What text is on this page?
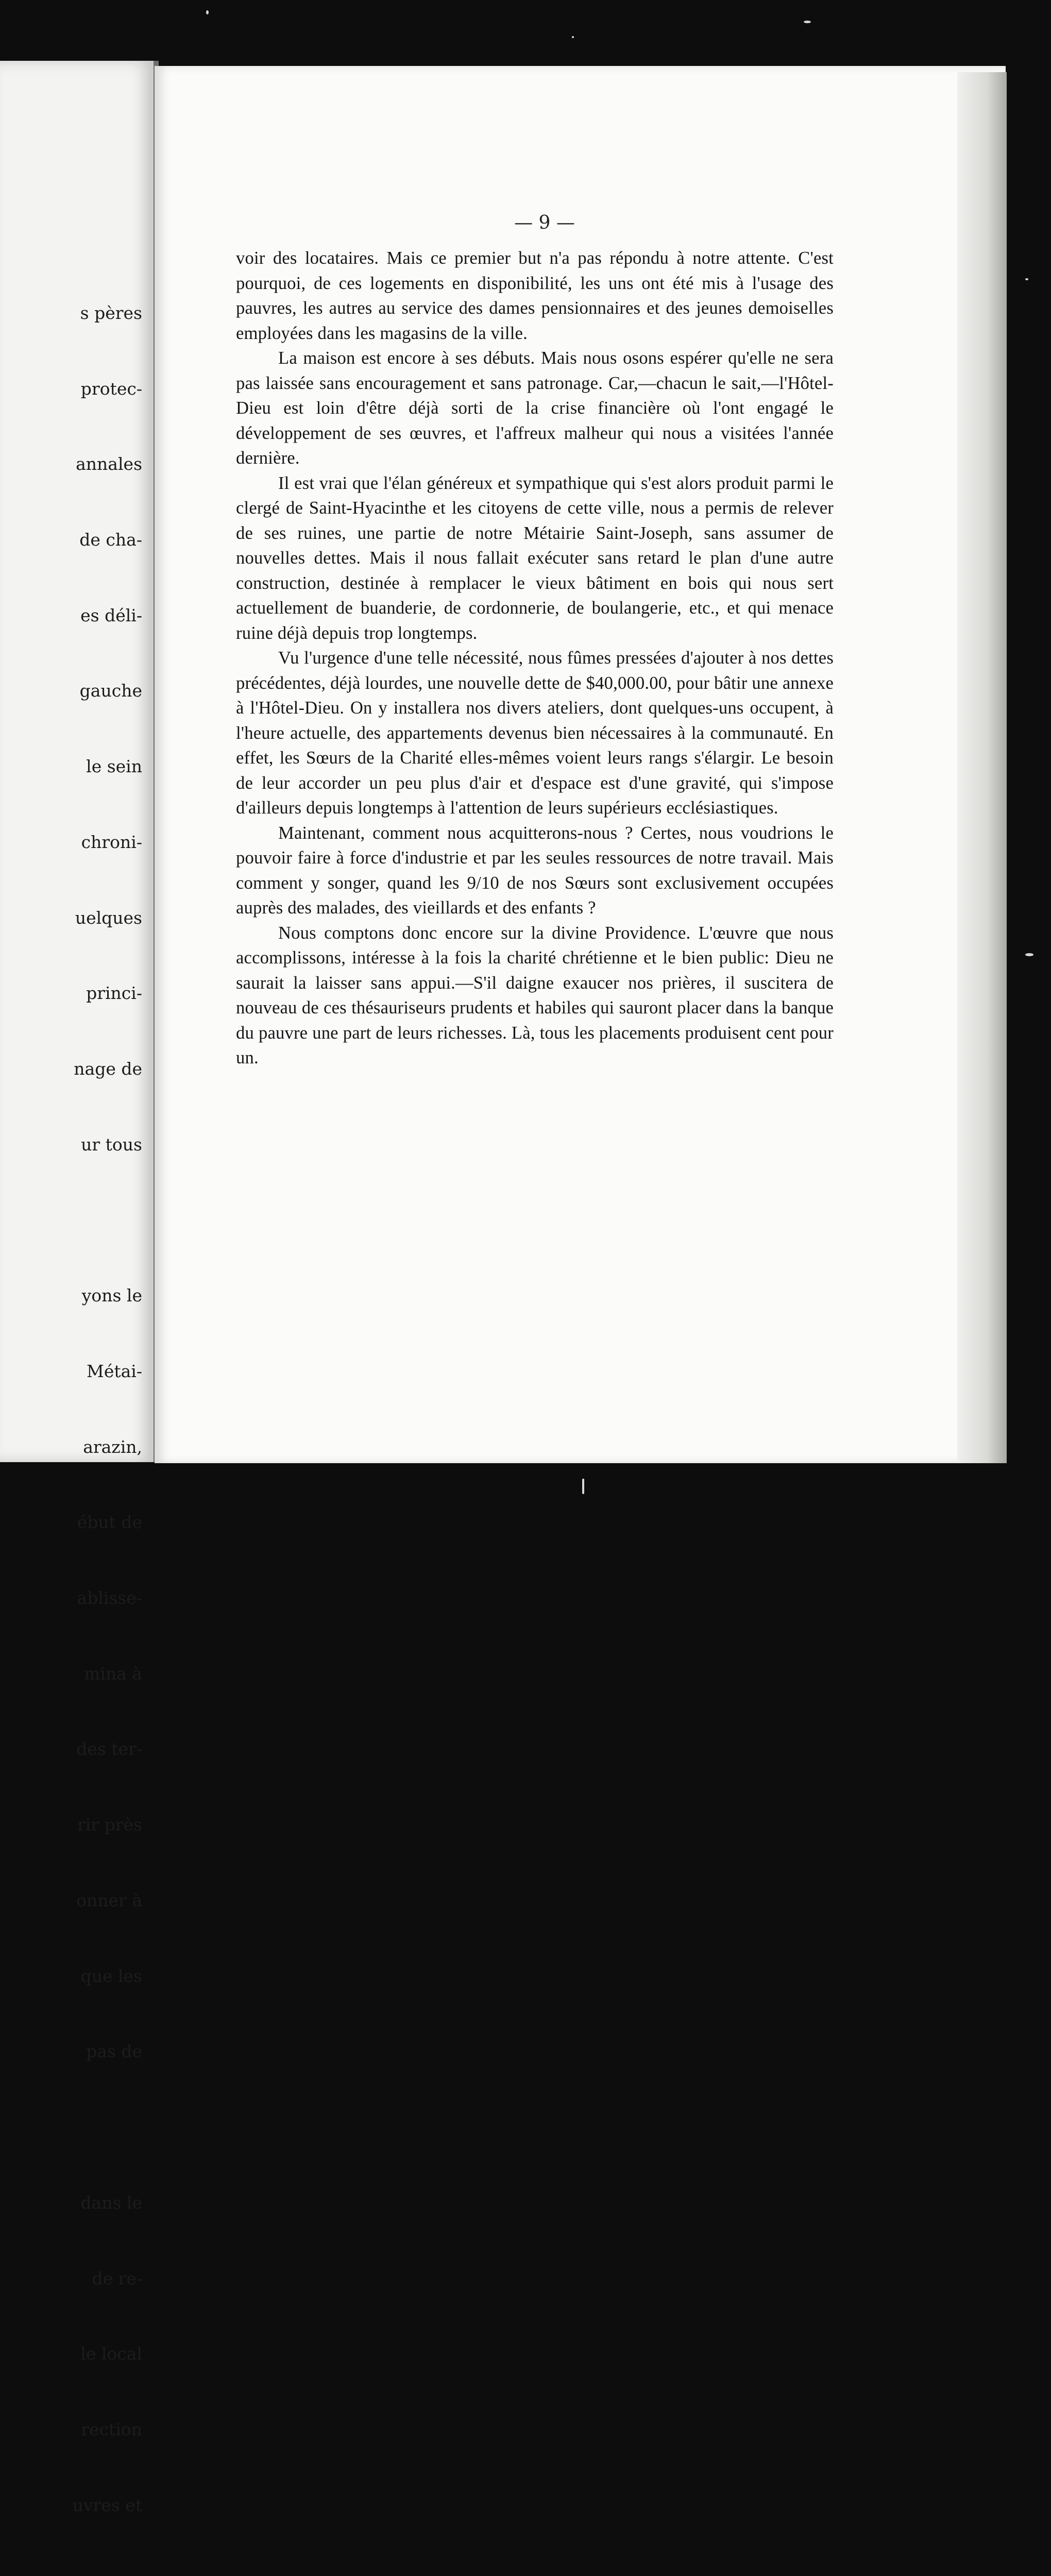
s pères

protec-

annales

de cha-

es déli-

gauche

le sein

chroni-

uelques

princi-

nage de

ur tous

yons le

Métai-

arazin,

ébut de

ablisse-

mina à

des ter-

rir près

onner à

que les

pas de

dans le

de re-

le local

rection

uvres et

— 9 —

voir des locataires. Mais ce premier but n'a pas répondu à notre attente. C'est pourquoi, de ces logements en disponibilité, les uns ont été mis à l'usage des pauvres, les autres au service des dames pensionnaires et des jeunes demoiselles employées dans les magasins de la ville.

La maison est encore à ses débuts. Mais nous osons espérer qu'elle ne sera pas laissée sans encouragement et sans patronage. Car,—chacun le sait,—l'Hôtel-Dieu est loin d'être déjà sorti de la crise financière où l'ont engagé le développement de ses œuvres, et l'affreux malheur qui nous a visitées l'année dernière.

Il est vrai que l'élan généreux et sympathique qui s'est alors produit parmi le clergé de Saint-Hyacinthe et les citoyens de cette ville, nous a permis de relever de ses ruines, une partie de notre Métairie Saint-Joseph, sans assumer de nouvelles dettes. Mais il nous fallait exécuter sans retard le plan d'une autre construction, destinée à remplacer le vieux bâtiment en bois qui nous sert actuellement de buanderie, de cordonnerie, de boulangerie, etc., et qui menace ruine déjà depuis trop longtemps.

Vu l'urgence d'une telle nécessité, nous fûmes pressées d'ajouter à nos dettes précédentes, déjà lourdes, une nouvelle dette de $40,000.00, pour bâtir une annexe à l'Hôtel-Dieu. On y installera nos divers ateliers, dont quelques-uns occupent, à l'heure actuelle, des appartements devenus bien nécessaires à la communauté. En effet, les Sœurs de la Charité elles-mêmes voient leurs rangs s'élargir. Le besoin de leur accorder un peu plus d'air et d'espace est d'une gravité, qui s'impose d'ailleurs depuis longtemps à l'attention de leurs supérieurs ecclésiastiques.

Maintenant, comment nous acquitterons-nous ? Certes, nous voudrions le pouvoir faire à force d'industrie et par les seules ressources de notre travail. Mais comment y songer, quand les 9/10 de nos Sœurs sont exclusivement occupées auprès des malades, des vieillards et des enfants ?

Nous comptons donc encore sur la divine Providence. L'œuvre que nous accomplissons, intéresse à la fois la charité chrétienne et le bien public: Dieu ne saurait la laisser sans appui.—S'il daigne exaucer nos prières, il suscitera de nouveau de ces thésauriseurs prudents et habiles qui sauront placer dans la banque du pauvre une part de leurs richesses. Là, tous les placements produisent cent pour un.
